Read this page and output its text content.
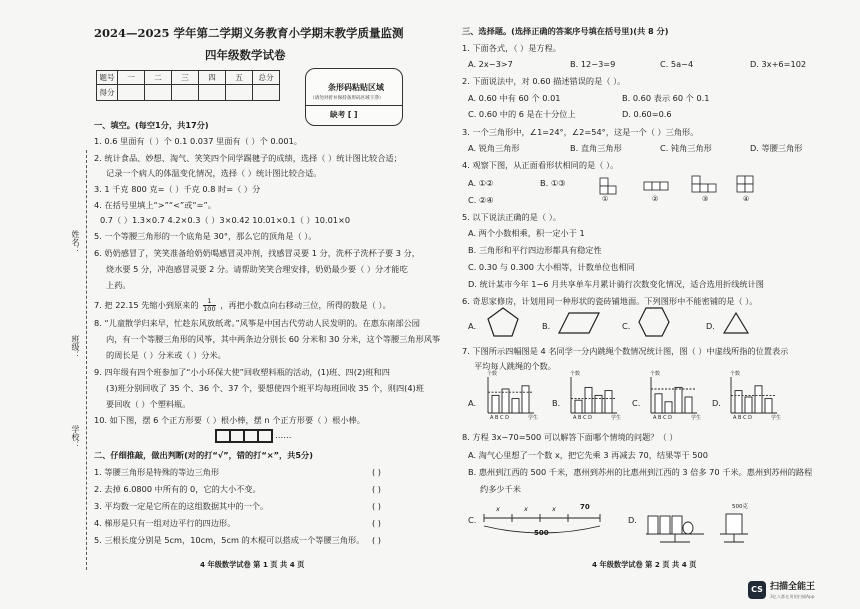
2024—2025 学年第二学期义务教育小学期末教学质量监测
四年级数学试卷
题号	一	二	三	四	五	总分
得分						
条形码粘贴区域
（请勿对折并保持条形码区域干净）
缺考 [ ]
姓名：
班级：
学校：
一、填空。(每空1分，共17分)
1. 0.6 里面有（ ）个 0.1 0.037 里面有（ ）个 0.001。
2. 统计食品、妙想、淘气、笑笑四个同学踢毽子的成绩，选择（ ）统计图比较合适；
记录一个病人的体温变化情况，选择（ ）统计图比较合适。
3. 1 千克 800 克=（ ）千克 0.8 时=（ ）分
4. 在括号里填上“>”“<”或“=”。
0.7（ ）1.3×0.7 4.2×0.3（ ）3×0.42 10.01×0.1（ ）10.01×0
5. 一个等腰三角形的一个底角是 30°，那么它的顶角是（ ）。
6. 奶奶感冒了，笑笑准备给奶奶喝感冒灵冲剂，找感冒灵要 1 分，洗杯子洗杯子要 3 分，
烧水要 5 分，冲泡感冒灵要 2 分。请帮助笑笑合理安排，奶奶最少要（ ）分才能吃
上药。
7. 把 22.15 先缩小到原来的 $\frac{1}{100}$ ，再把小数点向右移动三位，所得的数是（ ）。
8. “儿童散学归来早，忙趁东风放纸鸢。”风筝是中国古代劳动人民发明的。在惠东南部公园
内，有一个等腰三角形的风筝，其中两条边分别长 60 分米和 30 分米，这个等腰三角形风筝
的周长是（ ）分米或（ ）分米。
9. 四年级有四个班参加了“小小环保大使”回收塑料瓶的活动，(1)班、四(2)班和四
(3)班分别回收了 35 个、36 个、37 个，要想使四个班平均每班回收 35 个，则四(4)班
要回收（ ）个塑料瓶。
10. 如下图，摆 6 个正方形要（ ）根小棒，摆 n 个正方形要（ ）根小棒。
……
二、仔细推敲，做出判断(对的打“√”，错的打“×”，共5分)
1. 等腰三角形是特殊的等边三角形	( )
2. 去掉 6.0800 中所有的 0，它的大小不变。	( )
3. 平均数一定是它所在的这组数据其中的一个。	( )
4. 梯形是只有一组对边平行的四边形。	( )
5. 三根长度分别是 5cm，10cm，5cm 的木棍可以搭成一个等腰三角形。 ( )
4 年级数学试卷 第 1 页 共 4 页
三、选择题。(选择正确的答案序号填在括号里)(共 8 分)
1. 下面各式，（ ）是方程。
A. 2x−3>7	B. 12−3=9	C. 5a−4	D. 3x+6=102
2. 下面说法中，对 0.60 描述错误的是（ ）。
A. 0.60 中有 60 个 0.01	B. 0.60 表示 60 个 0.1
C. 0.60 中的 6 是在十分位上	D. 0.60=0.6
3. 一个三角形中，∠1=24°，∠2=54°，这是一个（ ）三角形。
A. 锐角三角形	B. 直角三角形	C. 钝角三角形	D. 等腰三角形
4. 观察下图，从正面看形状相同的是（ ）。
A. ①②	B. ①③
C. ②④	①	②	③	④
5. 以下说法正确的是（ ）。
A. 两个小数相乘，积一定小于 1
B. 三角形和平行四边形都具有稳定性
C. 0.30 与 0.300 大小相等，计数单位也相同
D. 统计某市今年 1−6 月共享单车月累计骑行次数变化情况，适合选用折线统计图
6. 奇思家修房，计划用同一种形状的瓷砖铺地面。下列图形中不能密铺的是（ ）。
A.	B.	C.	D.
7. 下图所示四幅图是 4 名同学一分内跳绳个数情况统计图，图（ ）中虚线所指的位置表示
平均每人跳绳的个数。
A.	B.	C.	D.
个数
A B C D	学生
个数
A B C D	学生
个数
A B C D	学生
个数
A B C D	学生
8. 方程 3x−70=500 可以解答下面哪个情境的问题？（ ）
A. 淘气心里想了一个数 x，把它先乘 3 再减去 70，结果等于 500
B. 惠州到江西的 500 千米，惠州到苏州的比惠州到江西的 3 倍多 70 千米。惠州到苏州的路程
约多少千米
C.
x	x	x	70
500
D.
500克
4 年级数学试卷 第 2 页 共 4 页
CS 扫描全能王
3亿人都在用的扫描App
